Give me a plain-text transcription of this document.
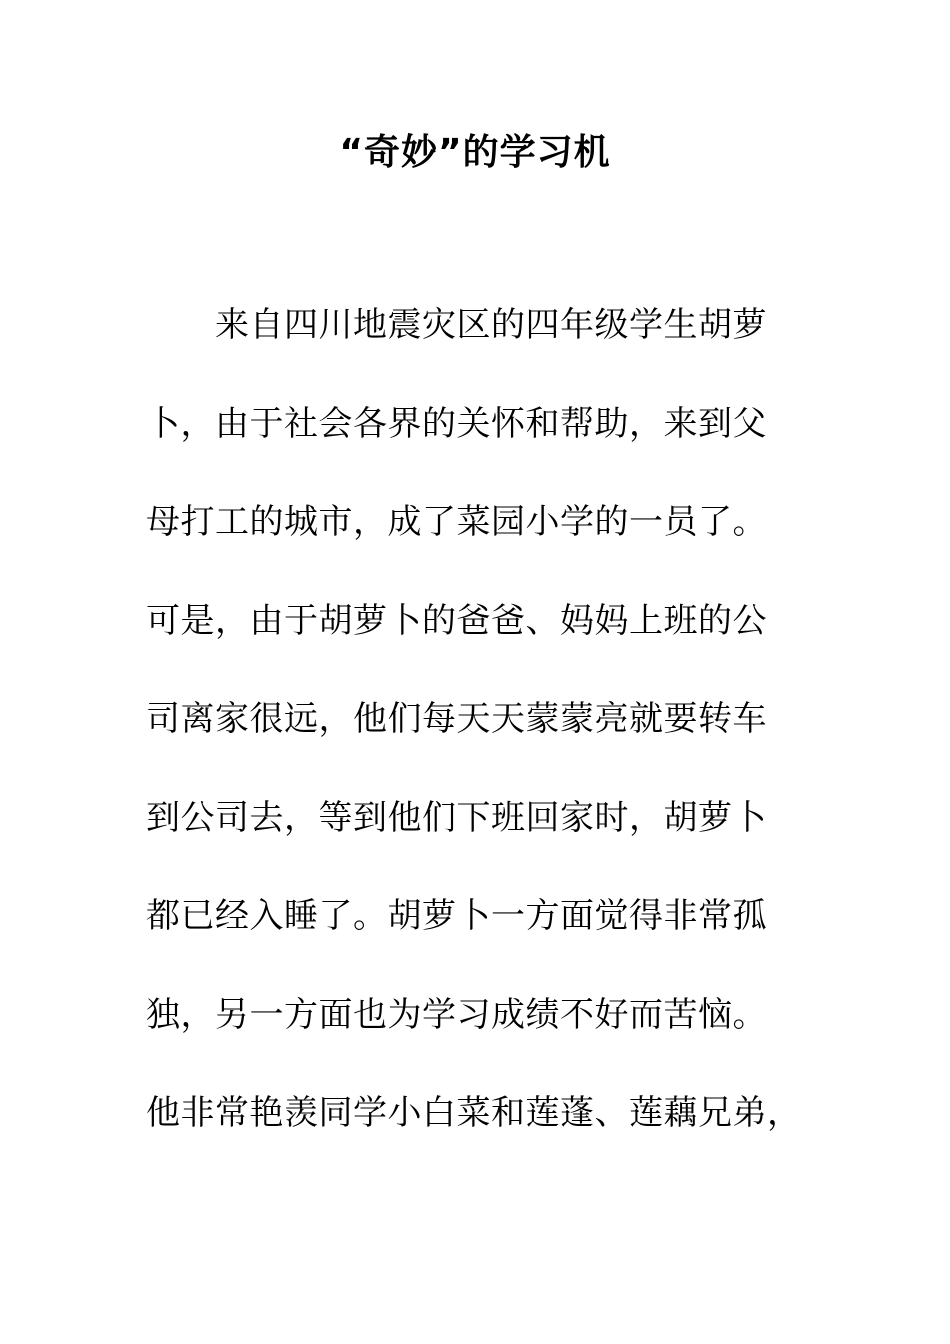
“奇妙”的学习机
　　来自四川地震灾区的四年级学生胡萝
卜，由于社会各界的关怀和帮助，来到父
母打工的城市，成了菜园小学的一员了。
可是，由于胡萝卜的爸爸、妈妈上班的公
司离家很远，他们每天天蒙蒙亮就要转车
到公司去，等到他们下班回家时，胡萝卜
都已经入睡了。胡萝卜一方面觉得非常孤
独，另一方面也为学习成绩不好而苦恼。
他非常艳羡同学小白菜和莲蓬、莲藕兄弟，
